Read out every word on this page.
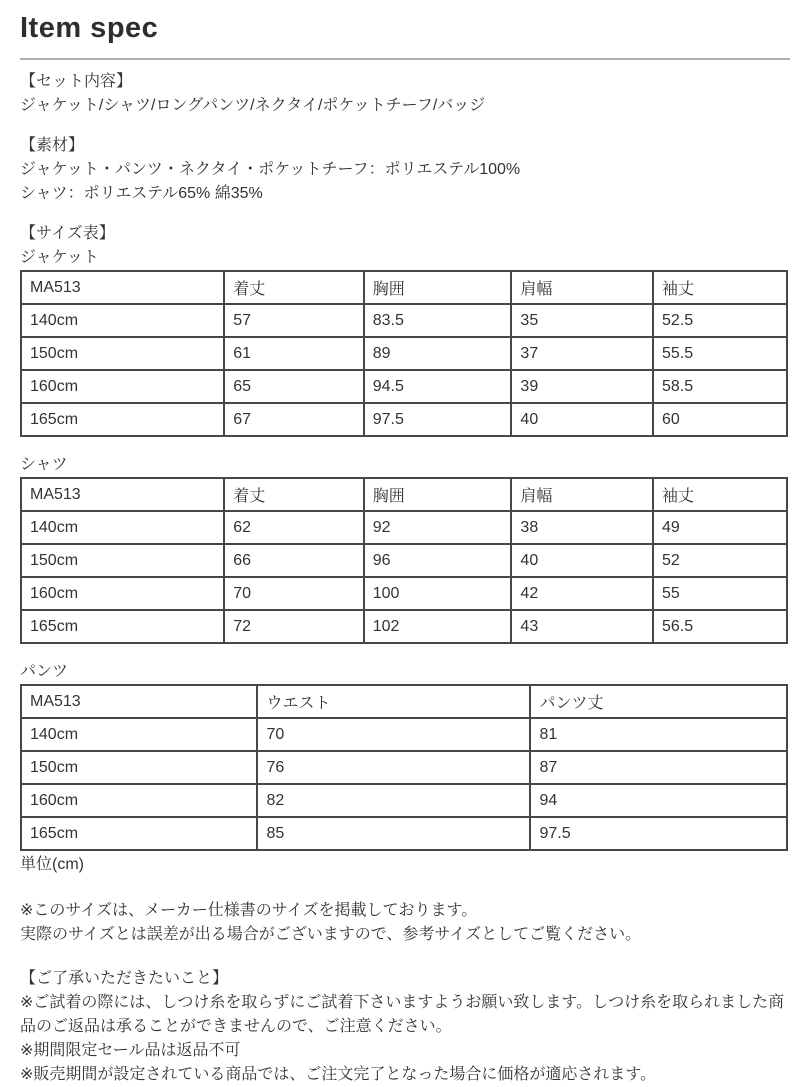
Item spec
【セット内容】
ジャケット/シャツ/ロングパンツ/ネクタイ/ポケットチーフ/バッジ
【素材】
ジャケット・パンツ・ネクタイ・ポケットチーフ：ポリエステル100%
シャツ：ポリエステル65% 綿35%
【サイズ表】
ジャケット
MA513	着丈	胸囲	肩幅	袖丈
140cm	57	83.5	35	52.5
150cm	61	89	37	55.5
160cm	65	94.5	39	58.5
165cm	67	97.5	40	60
シャツ
MA513	着丈	胸囲	肩幅	袖丈
140cm	62	92	38	49
150cm	66	96	40	52
160cm	70	100	42	55
165cm	72	102	43	56.5
パンツ
MA513	ウエスト	パンツ丈
140cm	70	81
150cm	76	87
160cm	82	94
165cm	85	97.5
単位(cm)
※このサイズは、メーカー仕様書のサイズを掲載しております。
実際のサイズとは誤差が出る場合がございますので、参考サイズとしてご覧ください。
【ご了承いただきたいこと】
※ご試着の際には、しつけ糸を取らずにご試着下さいますようお願い致します。しつけ糸を取られました商品のご返品は承ることができませんので、ご注意ください。
※期間限定セール品は返品不可
※販売期間が設定されている商品では、ご注文完了となった場合に価格が適応されます。
